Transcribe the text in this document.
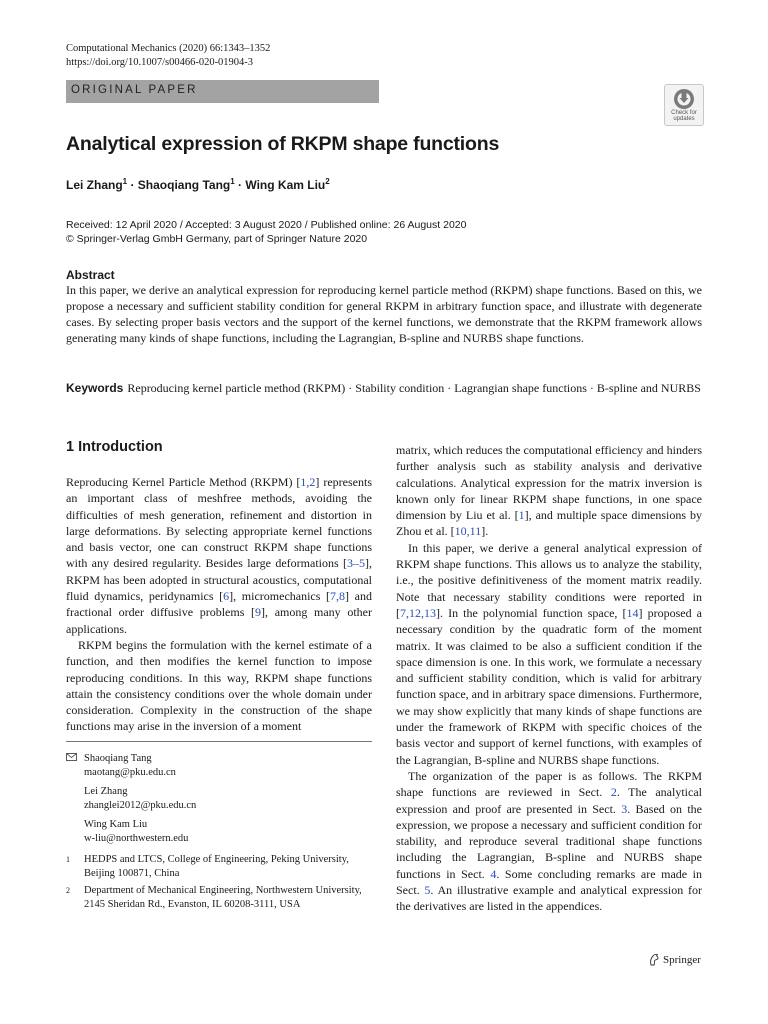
Computational Mechanics (2020) 66:1343–1352
https://doi.org/10.1007/s00466-020-01904-3
ORIGINAL PAPER
Check for
updates
Analytical expression of RKPM shape functions
Lei Zhang$^1$ · Shaoqiang Tang$^1$ · Wing Kam Liu$^2$
Received: 12 April 2020 / Accepted: 3 August 2020 / Published online: 26 August 2020
© Springer-Verlag GmbH Germany, part of Springer Nature 2020
Abstract
In this paper, we derive an analytical expression for reproducing kernel particle method (RKPM) shape functions. Based on this, we propose a necessary and sufficient stability condition for general RKPM in arbitrary function space, and illustrate with degenerate cases. By selecting proper basis vectors and the support of the kernel functions, we demonstrate that the RKPM framework allows generating many kinds of shape functions, including the Lagrangian, B-spline and NURBS shape functions.
Keywords Reproducing kernel particle method (RKPM) · Stability condition · Lagrangian shape functions · B-spline and NURBS
1 Introduction

Reproducing Kernel Particle Method (RKPM) [1,2] represents an important class of meshfree methods, avoiding the difficulties of mesh generation, refinement and distortion in large deformations. By selecting appropriate kernel functions and basis vector, one can construct RKPM shape functions with any desired regularity. Besides large deformations [3–5], RKPM has been adopted in structural acoustics, computational fluid dynamics, peridynamics [6], micromechanics [7,8] and fractional order diffusive problems [9], among many other applications.

RKPM begins the formulation with the kernel estimate of a function, and then modifies the kernel function to impose reproducing conditions. In this way, RKPM shape functions attain the consistency conditions over the whole domain under consideration. Complexity in the construction of the shape functions may arise in the inversion of a moment

matrix, which reduces the computational efficiency and hinders further analysis such as stability analysis and derivative calculations. Analytical expression for the matrix inversion is known only for linear RKPM shape functions, in one space dimension by Liu et al. [1], and multiple space dimensions by Zhou et al. [10,11].

In this paper, we derive a general analytical expression of RKPM shape functions. This allows us to analyze the stability, i.e., the positive definitiveness of the moment matrix readily. Note that necessary stability conditions were reported in [7,12,13]. In the polynomial function space, [14] proposed a necessary condition by the quadratic form of the moment matrix. It was claimed to be also a sufficient condition if the space dimension is one. In this work, we formulate a necessary and sufficient stability condition, which is valid for arbitrary function space, and in arbitrary space dimensions. Furthermore, we may show explicitly that many kinds of shape functions are under the framework of RKPM with specific choices of the basis vector and support of kernel functions, with examples of the Lagrangian, B-spline and NURBS shape functions.

The organization of the paper is as follows. The RKPM shape functions are reviewed in Sect. 2. The analytical expression and proof are presented in Sect. 3. Based on the expression, we propose a necessary and sufficient condition for stability, and reproduce several traditional shape functions including the Lagrangian, B-spline and NURBS shape functions in Sect. 4. Some concluding remarks are made in Sect. 5. An illustrative example and analytical expression for the derivatives are listed in the appendices.

Shaoqiang Tang
maotang@pku.edu.cn
Lei Zhang
zhanglei2012@pku.edu.cn
Wing Kam Liu
w-liu@northwestern.edu
1 HEDPS and LTCS, College of Engineering, Peking University, Beijing 100871, China
2 Department of Mechanical Engineering, Northwestern University, 2145 Sheridan Rd., Evanston, IL 60208-3111, USA
Springer
